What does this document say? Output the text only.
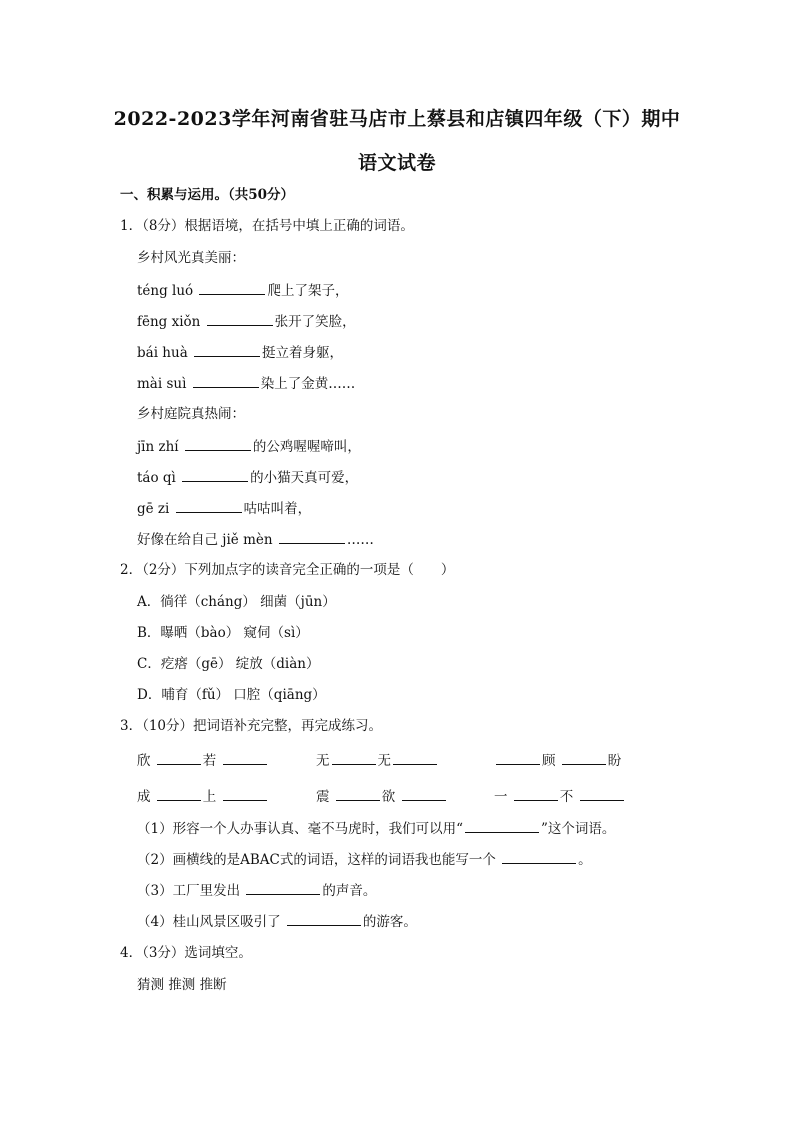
2022-2023学年河南省驻马店市上蔡县和店镇四年级（下）期中
语文试卷
一、积累与运用。（共50分）
1．（8分）根据语境，在括号中填上正确的词语。
乡村风光真美丽：
téng luó	爬上了架子，
fēng xiǒn	张开了笑脸，
bái huà	挺立着身躯，
mài suì	染上了金黄……
乡村庭院真热闹：
jīn zhí	的公鸡喔喔啼叫，
táo qì	的小猫天真可爱，
gē zi	咕咕叫着，
好像在给自己 jiě mèn	……
2．（2分）下列加点字的读音完全正确的一项是（　　）
A．徜徉（cháng） 细菌（jūn）
B．曝晒（bào） 窥伺（sì）
C．疙瘩（gē） 绽放（diàn）
D．哺育（fǔ） 口腔（qiāng）
3．（10分）把词语补充完整，再完成练习。
欣	若	无	无	顾	盼
成	上	震	欲	一	不
（1）形容一个人办事认真、毫不马虎时，我们可以用“	”这个词语。
（2）画横线的是ABAC式的词语，这样的词语我也能写一个	。
（3）工厂里发出	的声音。
（4）桂山风景区吸引了	的游客。
4．（3分）选词填空。
猜测 推测 推断
